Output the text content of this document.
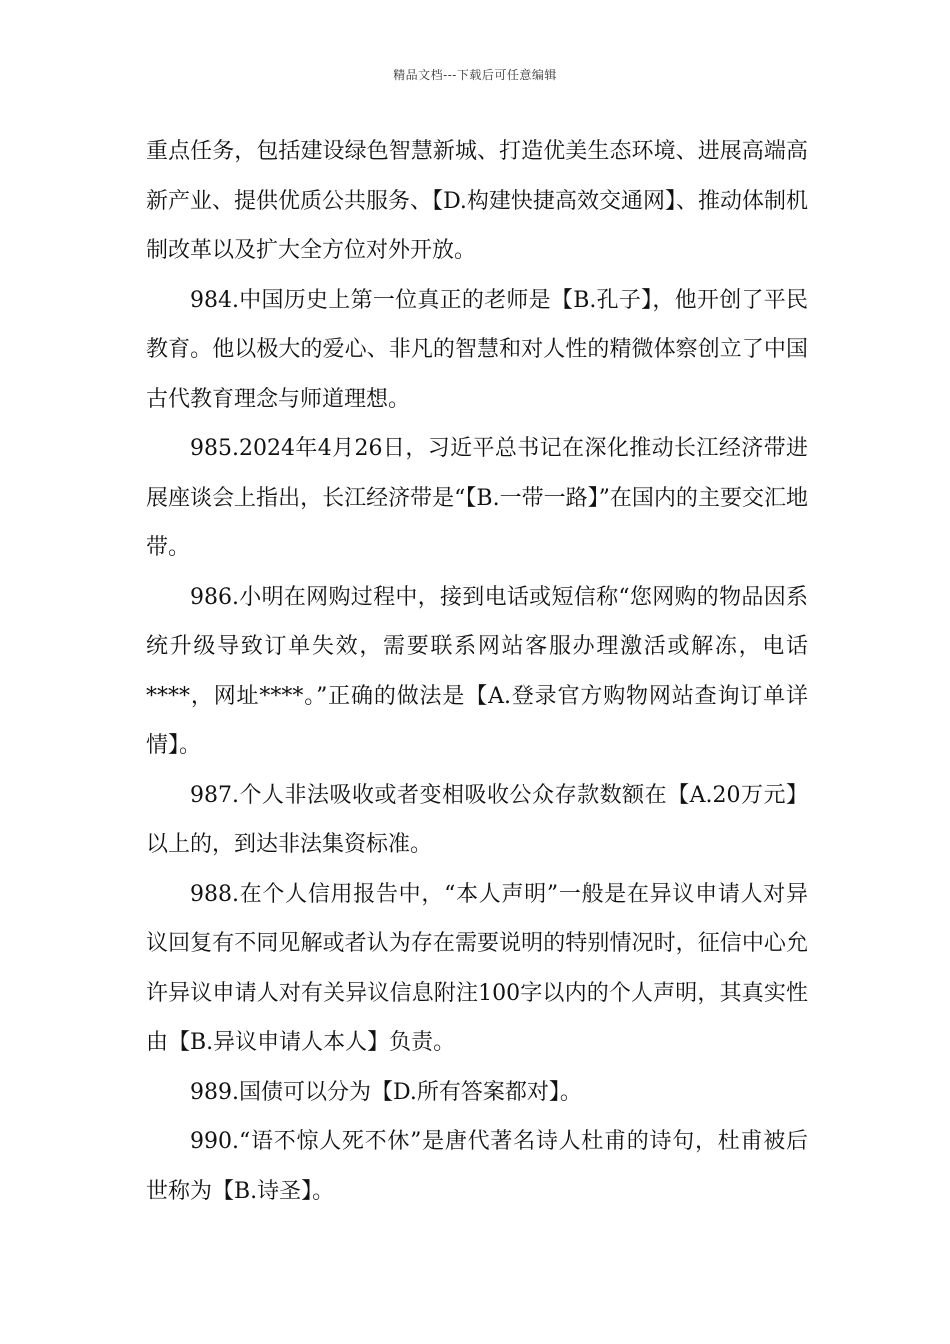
精品文档---下载后可任意编辑

重点任务，包括建设绿色智慧新城、打造优美生态环境、进展高端高新产业、提供优质公共服务、【D.构建快捷高效交通网】、推动体制机制改革以及扩大全方位对外开放。

984.中国历史上第一位真正的老师是【B.孔子】，他开创了平民教育。他以极大的爱心、非凡的智慧和对人性的精微体察创立了中国古代教育理念与师道理想。

985.2024年4月26日，习近平总书记在深化推动长江经济带进展座谈会上指出，长江经济带是“【B.一带一路】”在国内的主要交汇地带。

986.小明在网购过程中，接到电话或短信称“您网购的物品因系统升级导致订单失效，需要联系网站客服办理激活或解冻，电话****，网址****。”正确的做法是【A.登录官方购物网站查询订单详情】。

987.个人非法吸收或者变相吸收公众存款数额在【A.20万元】以上的，到达非法集资标准。

988.在个人信用报告中，“本人声明”一般是在异议申请人对异议回复有不同见解或者认为存在需要说明的特别情况时，征信中心允许异议申请人对有关异议信息附注100字以内的个人声明，其真实性由【B.异议申请人本人】负责。

989.国债可以分为【D.所有答案都对】。

990.“语不惊人死不休”是唐代著名诗人杜甫的诗句，杜甫被后世称为【B.诗圣】。
